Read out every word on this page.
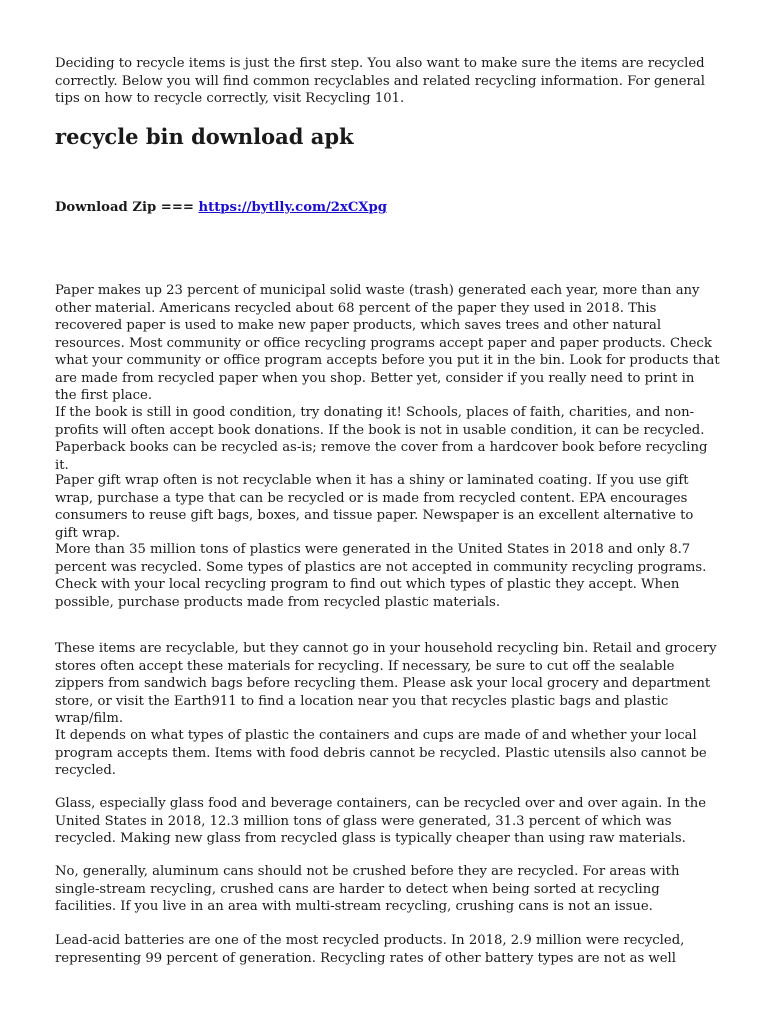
Deciding to recycle items is just the first step. You also want to make sure the items are recycled correctly. Below you will find common recyclables and related recycling information. For general tips on how to recycle correctly, visit Recycling 101.

recycle bin download apk
Download Zip === https://bytlly.com/2xCXpg

Paper makes up 23 percent of municipal solid waste (trash) generated each year, more than any other material. Americans recycled about 68 percent of the paper they used in 2018. This recovered paper is used to make new paper products, which saves trees and other natural resources. Most community or office recycling programs accept paper and paper products. Check what your community or office program accepts before you put it in the bin. Look for products that are made from recycled paper when you shop. Better yet, consider if you really need to print in the first place.

If the book is still in good condition, try donating it! Schools, places of faith, charities, and non-profits will often accept book donations. If the book is not in usable condition, it can be recycled. Paperback books can be recycled as-is; remove the cover from a hardcover book before recycling it.

Paper gift wrap often is not recyclable when it has a shiny or laminated coating. If you use gift wrap, purchase a type that can be recycled or is made from recycled content. EPA encourages consumers to reuse gift bags, boxes, and tissue paper. Newspaper is an excellent alternative to gift wrap.

More than 35 million tons of plastics were generated in the United States in 2018 and only 8.7 percent was recycled. Some types of plastics are not accepted in community recycling programs. Check with your local recycling program to find out which types of plastic they accept. When possible, purchase products made from recycled plastic materials.

These items are recyclable, but they cannot go in your household recycling bin. Retail and grocery stores often accept these materials for recycling. If necessary, be sure to cut off the sealable zippers from sandwich bags before recycling them. Please ask your local grocery and department store, or visit the Earth911 to find a location near you that recycles plastic bags and plastic wrap/film.

It depends on what types of plastic the containers and cups are made of and whether your local program accepts them. Items with food debris cannot be recycled. Plastic utensils also cannot be recycled.

Glass, especially glass food and beverage containers, can be recycled over and over again. In the United States in 2018, 12.3 million tons of glass were generated, 31.3 percent of which was recycled. Making new glass from recycled glass is typically cheaper than using raw materials.

No, generally, aluminum cans should not be crushed before they are recycled. For areas with single-stream recycling, crushed cans are harder to detect when being sorted at recycling facilities. If you live in an area with multi-stream recycling, crushing cans is not an issue.

Lead-acid batteries are one of the most recycled products. In 2018, 2.9 million were recycled, representing 99 percent of generation. Recycling rates of other battery types are not as well
